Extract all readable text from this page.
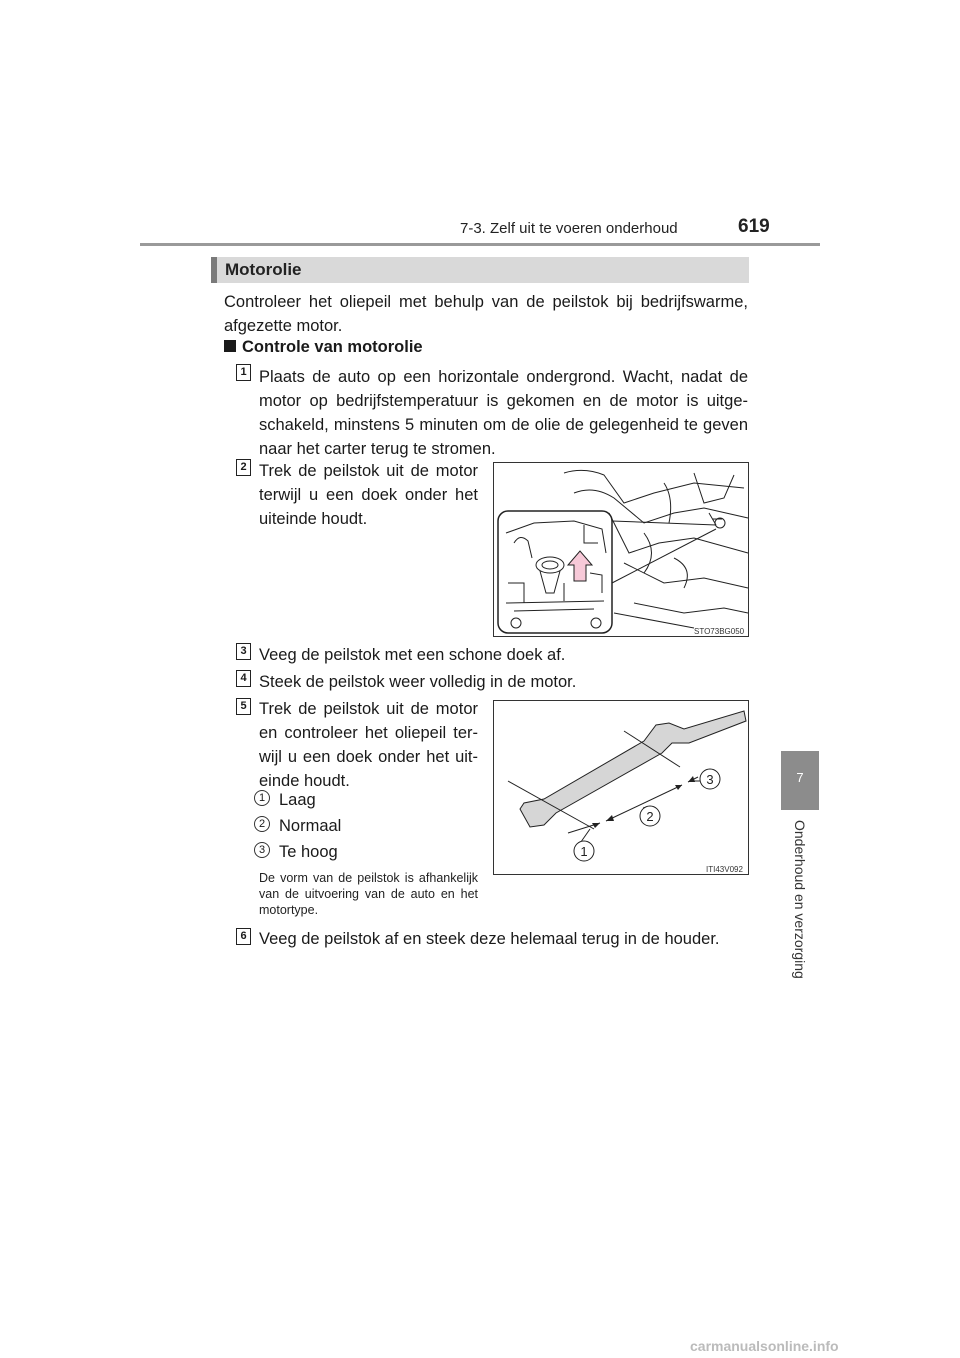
7-3. Zelf uit te voeren onderhoud	619
7
Onderhoud en verzorging
Motorolie
Controleer het oliepeil met behulp van de peilstok bij bedrijfswarme, afgezette motor.
Controle van motorolie
1 Plaats de auto op een horizontale ondergrond. Wacht, nadat de motor op bedrijfstemperatuur is gekomen en de motor is uitge- schakeld, minstens 5 minuten om de olie de gelegenheid te geven naar het carter terug te stromen.
2 Trek de peilstok uit de motor terwijl u een doek onder het uiteinde houdt.
STO73BG050
3 Veeg de peilstok met een schone doek af.
4 Steek de peilstok weer volledig in de motor.
5 Trek de peilstok uit de motor en controleer het oliepeil ter- wijl u een doek onder het uit- einde houdt.
1 Laag
2 Normaal
3 Te hoog
De vorm van de peilstok is afhankelijk van de uitvoering van de auto en het motortype.
1
2
3
ITI43V092
6 Veeg de peilstok af en steek deze helemaal terug in de houder.
carmanualsonline.info
